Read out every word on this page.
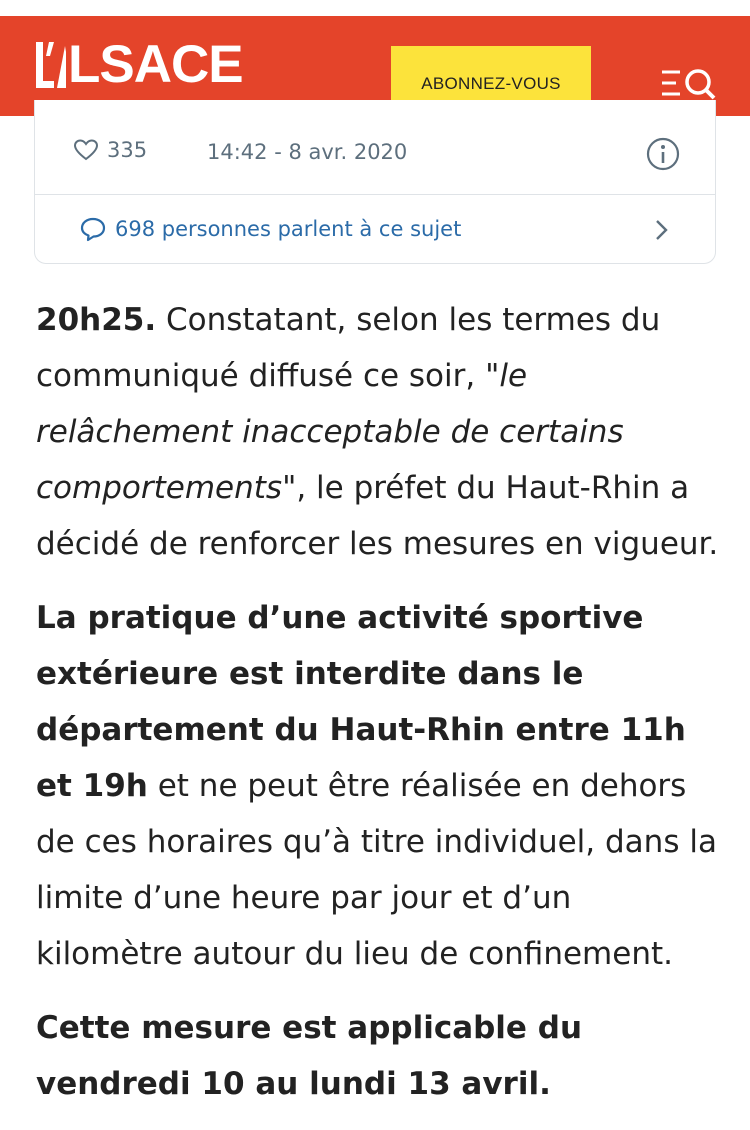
LSACE	ABONNEZ-VOUS
335	14:42 - 8 avr. 2020
698 personnes parlent à ce sujet

20h25. Constatant, selon les termes du communiqué diffusé ce soir, "le relâchement inacceptable de certains comportements", le préfet du Haut-Rhin a décidé de renforcer les mesures en vigueur.

La pratique d’une activité sportive extérieure est interdite dans le département du Haut-Rhin entre 11h et 19h et ne peut être réalisée en dehors de ces horaires qu’à titre individuel, dans la limite d’une heure par jour et d’un kilomètre autour du lieu de confinement.

Cette mesure est applicable du vendredi 10 au lundi 13 avril.
